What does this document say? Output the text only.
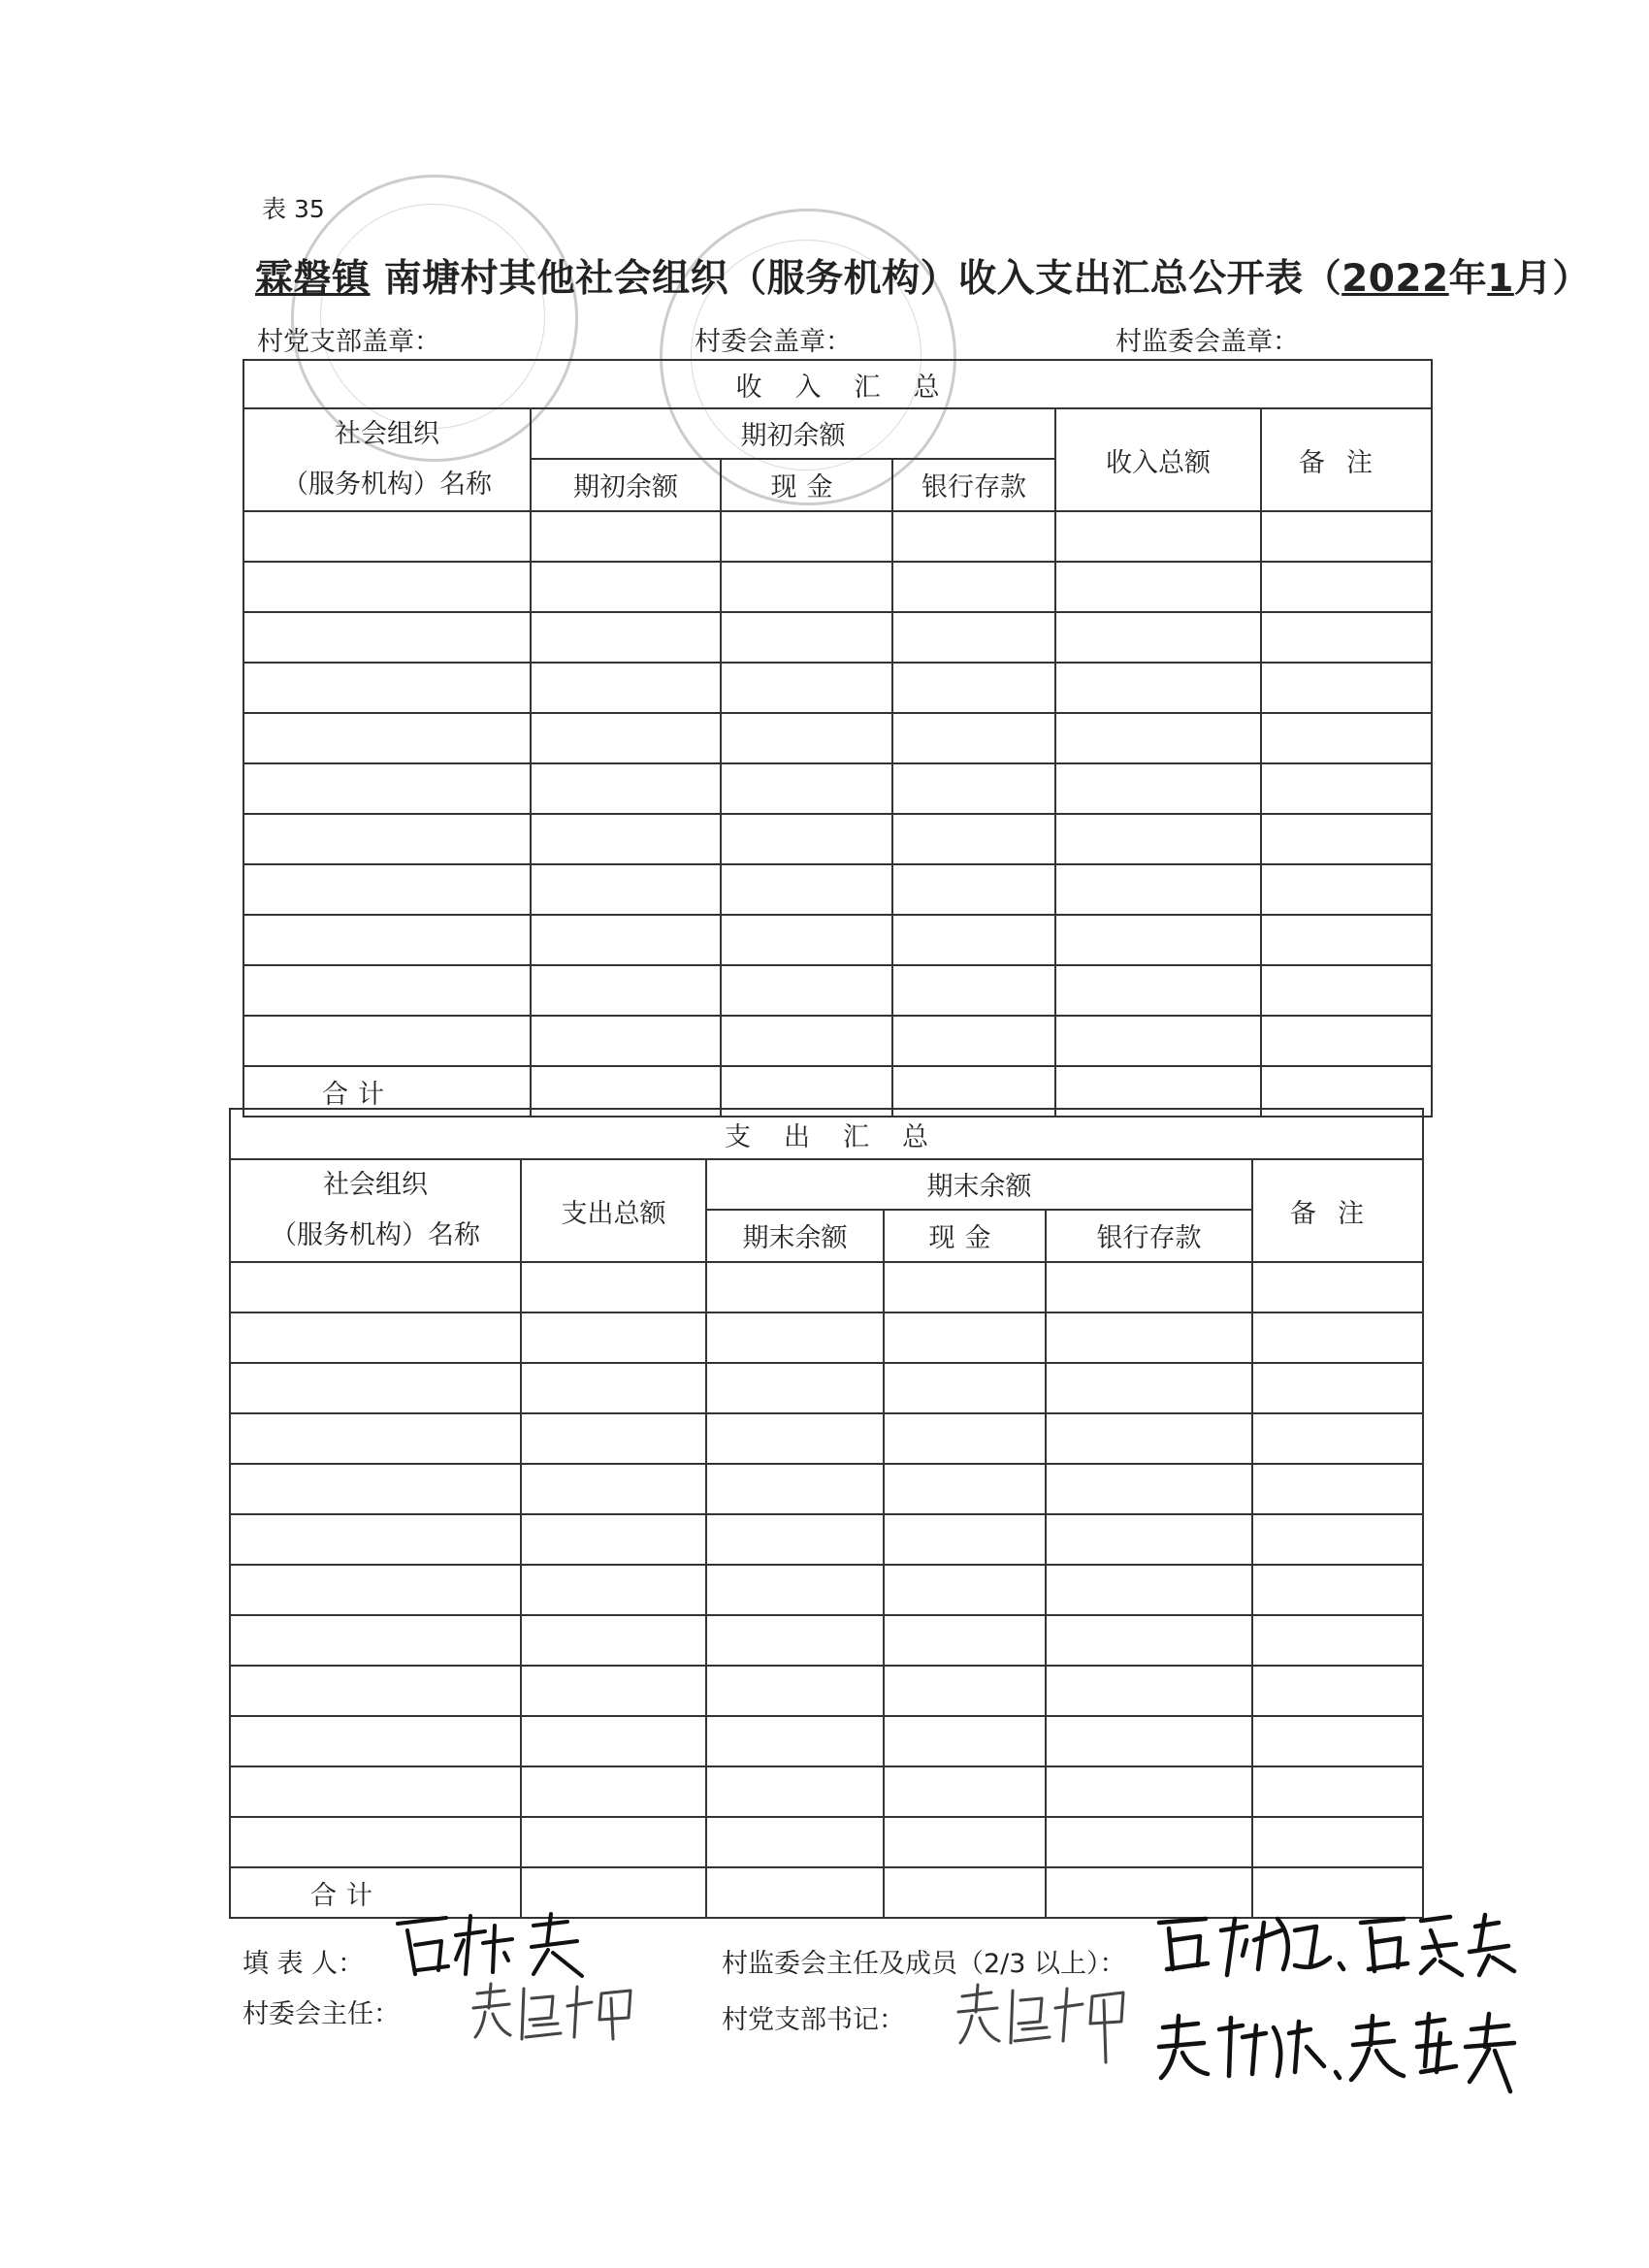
表 35
霖磐镇 南塘村其他社会组织（服务机构）收入支出汇总公开表（2022年1月）
村党支部盖章：	村委会盖章：	村监委会盖章：
收入汇总					

社会组织
（服务机构）名称	期初余额			收入总额	备注
	期初余额	现金	银行存款		

合计					
支出汇总					

社会组织
（服务机构）名称	支出总额	期末余额			备注
		期末余额	现金	银行存款	

合计					
填 表 人：
村委会主任：
村监委会主任及成员（2/3 以上）：
村党支部书记：
